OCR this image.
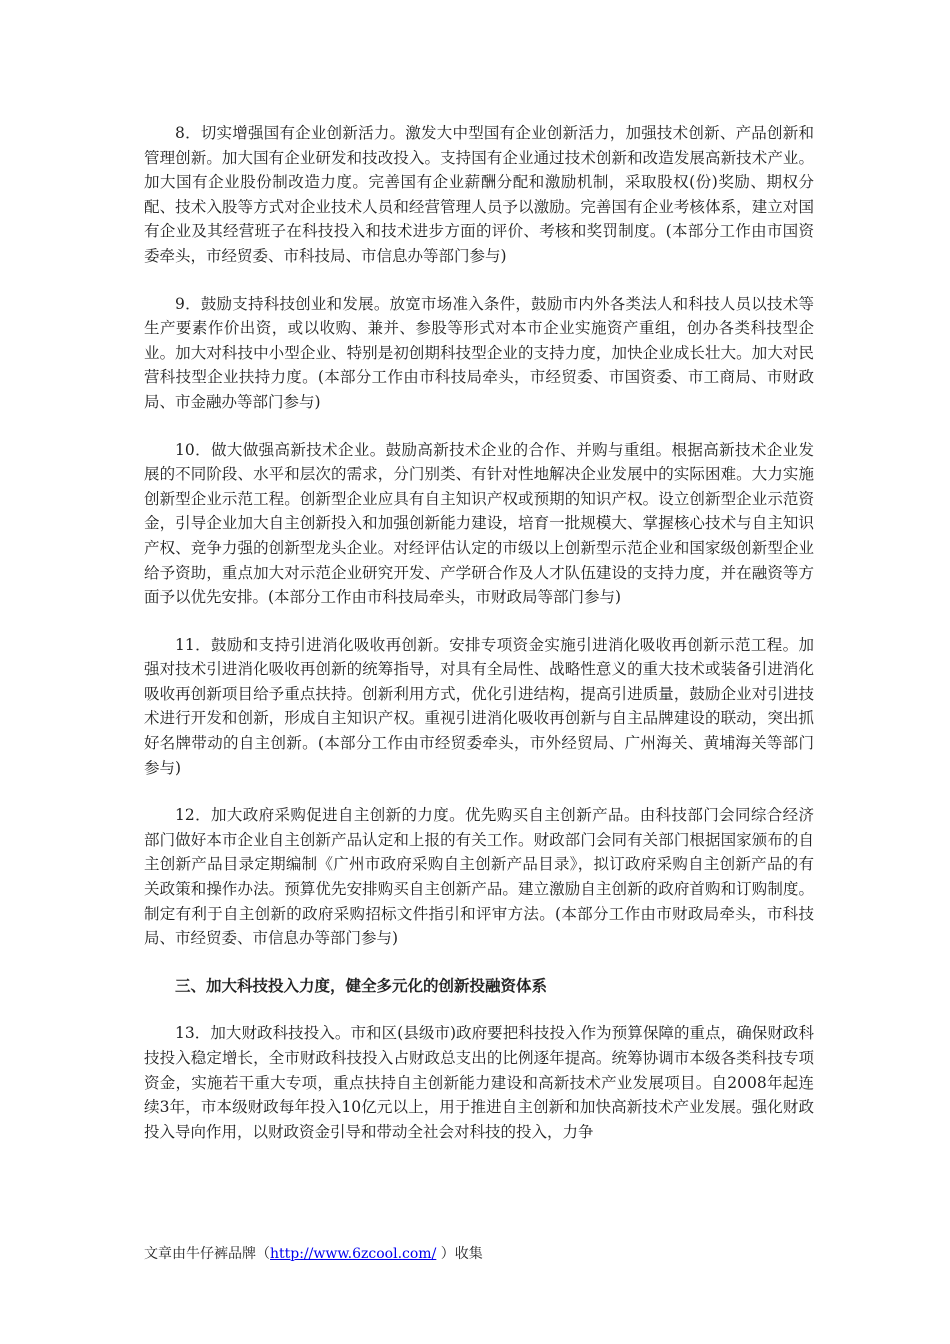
8．切实增强国有企业创新活力。激发大中型国有企业创新活力，加强技术创新、产品创新和管理创新。加大国有企业研发和技改投入。支持国有企业通过技术创新和改造发展高新技术产业。加大国有企业股份制改造力度。完善国有企业薪酬分配和激励机制，采取股权(份)奖励、期权分配、技术入股等方式对企业技术人员和经营管理人员予以激励。完善国有企业考核体系，建立对国有企业及其经营班子在科技投入和技术进步方面的评价、考核和奖罚制度。(本部分工作由市国资委牵头，市经贸委、市科技局、市信息办等部门参与)

9．鼓励支持科技创业和发展。放宽市场准入条件，鼓励市内外各类法人和科技人员以技术等生产要素作价出资，或以收购、兼并、参股等形式对本市企业实施资产重组，创办各类科技型企业。加大对科技中小型企业、特别是初创期科技型企业的支持力度，加快企业成长壮大。加大对民营科技型企业扶持力度。(本部分工作由市科技局牵头，市经贸委、市国资委、市工商局、市财政局、市金融办等部门参与)

10．做大做强高新技术企业。鼓励高新技术企业的合作、并购与重组。根据高新技术企业发展的不同阶段、水平和层次的需求，分门别类、有针对性地解决企业发展中的实际困难。大力实施创新型企业示范工程。创新型企业应具有自主知识产权或预期的知识产权。设立创新型企业示范资金，引导企业加大自主创新投入和加强创新能力建设，培育一批规模大、掌握核心技术与自主知识产权、竞争力强的创新型龙头企业。对经评估认定的市级以上创新型示范企业和国家级创新型企业给予资助，重点加大对示范企业研究开发、产学研合作及人才队伍建设的支持力度，并在融资等方面予以优先安排。(本部分工作由市科技局牵头，市财政局等部门参与)

11．鼓励和支持引进消化吸收再创新。安排专项资金实施引进消化吸收再创新示范工程。加强对技术引进消化吸收再创新的统筹指导，对具有全局性、战略性意义的重大技术或装备引进消化吸收再创新项目给予重点扶持。创新利用方式，优化引进结构，提高引进质量，鼓励企业对引进技术进行开发和创新，形成自主知识产权。重视引进消化吸收再创新与自主品牌建设的联动，突出抓好名牌带动的自主创新。(本部分工作由市经贸委牵头，市外经贸局、广州海关、黄埔海关等部门参与)

12．加大政府采购促进自主创新的力度。优先购买自主创新产品。由科技部门会同综合经济部门做好本市企业自主创新产品认定和上报的有关工作。财政部门会同有关部门根据国家颁布的自主创新产品目录定期编制《广州市政府采购自主创新产品目录》，拟订政府采购自主创新产品的有关政策和操作办法。预算优先安排购买自主创新产品。建立激励自主创新的政府首购和订购制度。制定有利于自主创新的政府采购招标文件指引和评审方法。(本部分工作由市财政局牵头，市科技局、市经贸委、市信息办等部门参与)

三、加大科技投入力度，健全多元化的创新投融资体系

13．加大财政科技投入。市和区(县级市)政府要把科技投入作为预算保障的重点，确保财政科技投入稳定增长，全市财政科技投入占财政总支出的比例逐年提高。统筹协调市本级各类科技专项资金，实施若干重大专项，重点扶持自主创新能力建设和高新技术产业发展项目。自2008年起连续3年，市本级财政每年投入10亿元以上，用于推进自主创新和加快高新技术产业发展。强化财政投入导向作用，以财政资金引导和带动全社会对科技的投入，力争

文章由牛仔裤品牌（http://www.6zcool.com/ ）收集
